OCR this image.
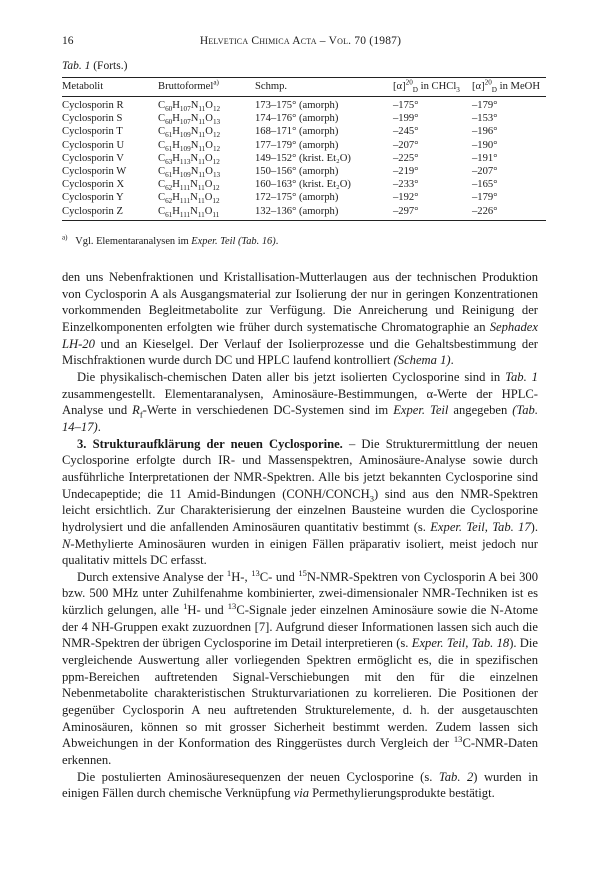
16	Helvetica Chimica Acta – Vol. 70 (1987)
Tab. 1 (Forts.)
Metabolit	Bruttoformel$^{a)}$	Schmp.	$[\alpha]^{20}_D$ in CHCl$_3$	$[\alpha]^{20}_D$ in MeOH
Cyclosporin R	$C_{60}H_{107}N_{11}O_{12}$	173–175° (amorph)	–175°	–179°
Cyclosporin S	$C_{60}H_{107}N_{11}O_{13}$	174–176° (amorph)	–199°	–153°
Cyclosporin T	$C_{61}H_{109}N_{11}O_{12}$	168–171° (amorph)	–245°	–196°
Cyclosporin U	$C_{61}H_{109}N_{11}O_{12}$	177–179° (amorph)	–207°	–190°
Cyclosporin V	$C_{63}H_{113}N_{11}O_{12}$	149–152° (krist. Et₂O)	–225°	–191°
Cyclosporin W	$C_{61}H_{109}N_{11}O_{13}$	150–156° (amorph)	–219°	–207°
Cyclosporin X	$C_{62}H_{111}N_{11}O_{12}$	160–163° (krist. Et₂O)	–233°	–165°
Cyclosporin Y	$C_{62}H_{111}N_{11}O_{12}$	172–175° (amorph)	–192°	–179°
Cyclosporin Z	$C_{61}H_{111}N_{11}O_{11}$	132–136° (amorph)	–297°	–226°
$^{a)}$ Vgl. Elementaranalysen im Exper. Teil (Tab. 16).

den uns Nebenfraktionen und Kristallisation-Mutterlaugen aus der technischen Produktion von Cyclosporin A als Ausgangsmaterial zur Isolierung der nur in geringen Konzentrationen vorkommenden Begleitmetabolite zur Verfügung. Die Anreicherung und Reinigung der Einzelkomponenten erfolgten wie früher durch systematische Chromatographie an Sephadex LH-20 und an Kieselgel. Der Verlauf der Isolierprozesse und die Gehaltsbestimmung der Mischfraktionen wurde durch DC und HPLC laufend kontrolliert (Schema 1).

Die physikalisch-chemischen Daten aller bis jetzt isolierten Cyclosporine sind in Tab. 1 zusammengestellt. Elementaranalysen, Aminosäure-Bestimmungen, α-Werte der HPLC-Analyse und $R_f$-Werte in verschiedenen DC-Systemen sind im Exper. Teil angegeben (Tab. 14–17).

3. Strukturaufklärung der neuen Cyclosporine. – Die Strukturermittlung der neuen Cyclosporine erfolgte durch IR- und Massenspektren, Aminosäure-Analyse sowie durch ausführliche Interpretationen der NMR-Spektren. Alle bis jetzt bekannten Cyclosporine sind Undecapeptide; die 11 Amid-Bindungen $(CONH/CONCH_3)$ sind aus den NMR-Spektren leicht ersichtlich. Zur Charakterisierung der einzelnen Bausteine wurden die Cyclosporine hydrolysiert und die anfallenden Aminosäuren quantitativ bestimmt (s. Exper. Teil, Tab. 17). N-Methylierte Aminosäuren wurden in einigen Fällen präparativ isoliert, meist jedoch nur qualitativ mittels DC erfasst.

Durch extensive Analyse der $^1$H-, $^{13}$C- und $^{15}$N-NMR-Spektren von Cyclosporin A bei 300 bzw. 500 MHz unter Zuhilfenahme kombinierter, zwei-dimensionaler NMR-Techniken ist es kürzlich gelungen, alle $^1$H- und $^{13}$C-Signale jeder einzelnen Aminosäure sowie die N-Atome der 4 NH-Gruppen exakt zuzuordnen [7]. Aufgrund dieser Informationen lassen sich auch die NMR-Spektren der übrigen Cyclosporine im Detail interpretieren (s. Exper. Teil, Tab. 18). Die vergleichende Auswertung aller vorliegenden Spektren ermöglicht es, die in spezifischen ppm-Bereichen auftretenden Signal-Verschiebungen mit den für die einzelnen Nebenmetabolite charakteristischen Strukturvariationen zu korrelieren. Die Positionen der gegenüber Cyclosporin A neu auftretenden Strukturelemente, d. h. der ausgetauschten Aminosäuren, können so mit grosser Sicherheit bestimmt werden. Zudem lassen sich Abweichungen in der Konformation des Ringgerüstes durch Vergleich der $^{13}$C-NMR-Daten erkennen.

Die postulierten Aminosäuresequenzen der neuen Cyclosporine (s. Tab. 2) wurden in einigen Fällen durch chemische Verknüpfung via Permethylierungsprodukte bestätigt.
